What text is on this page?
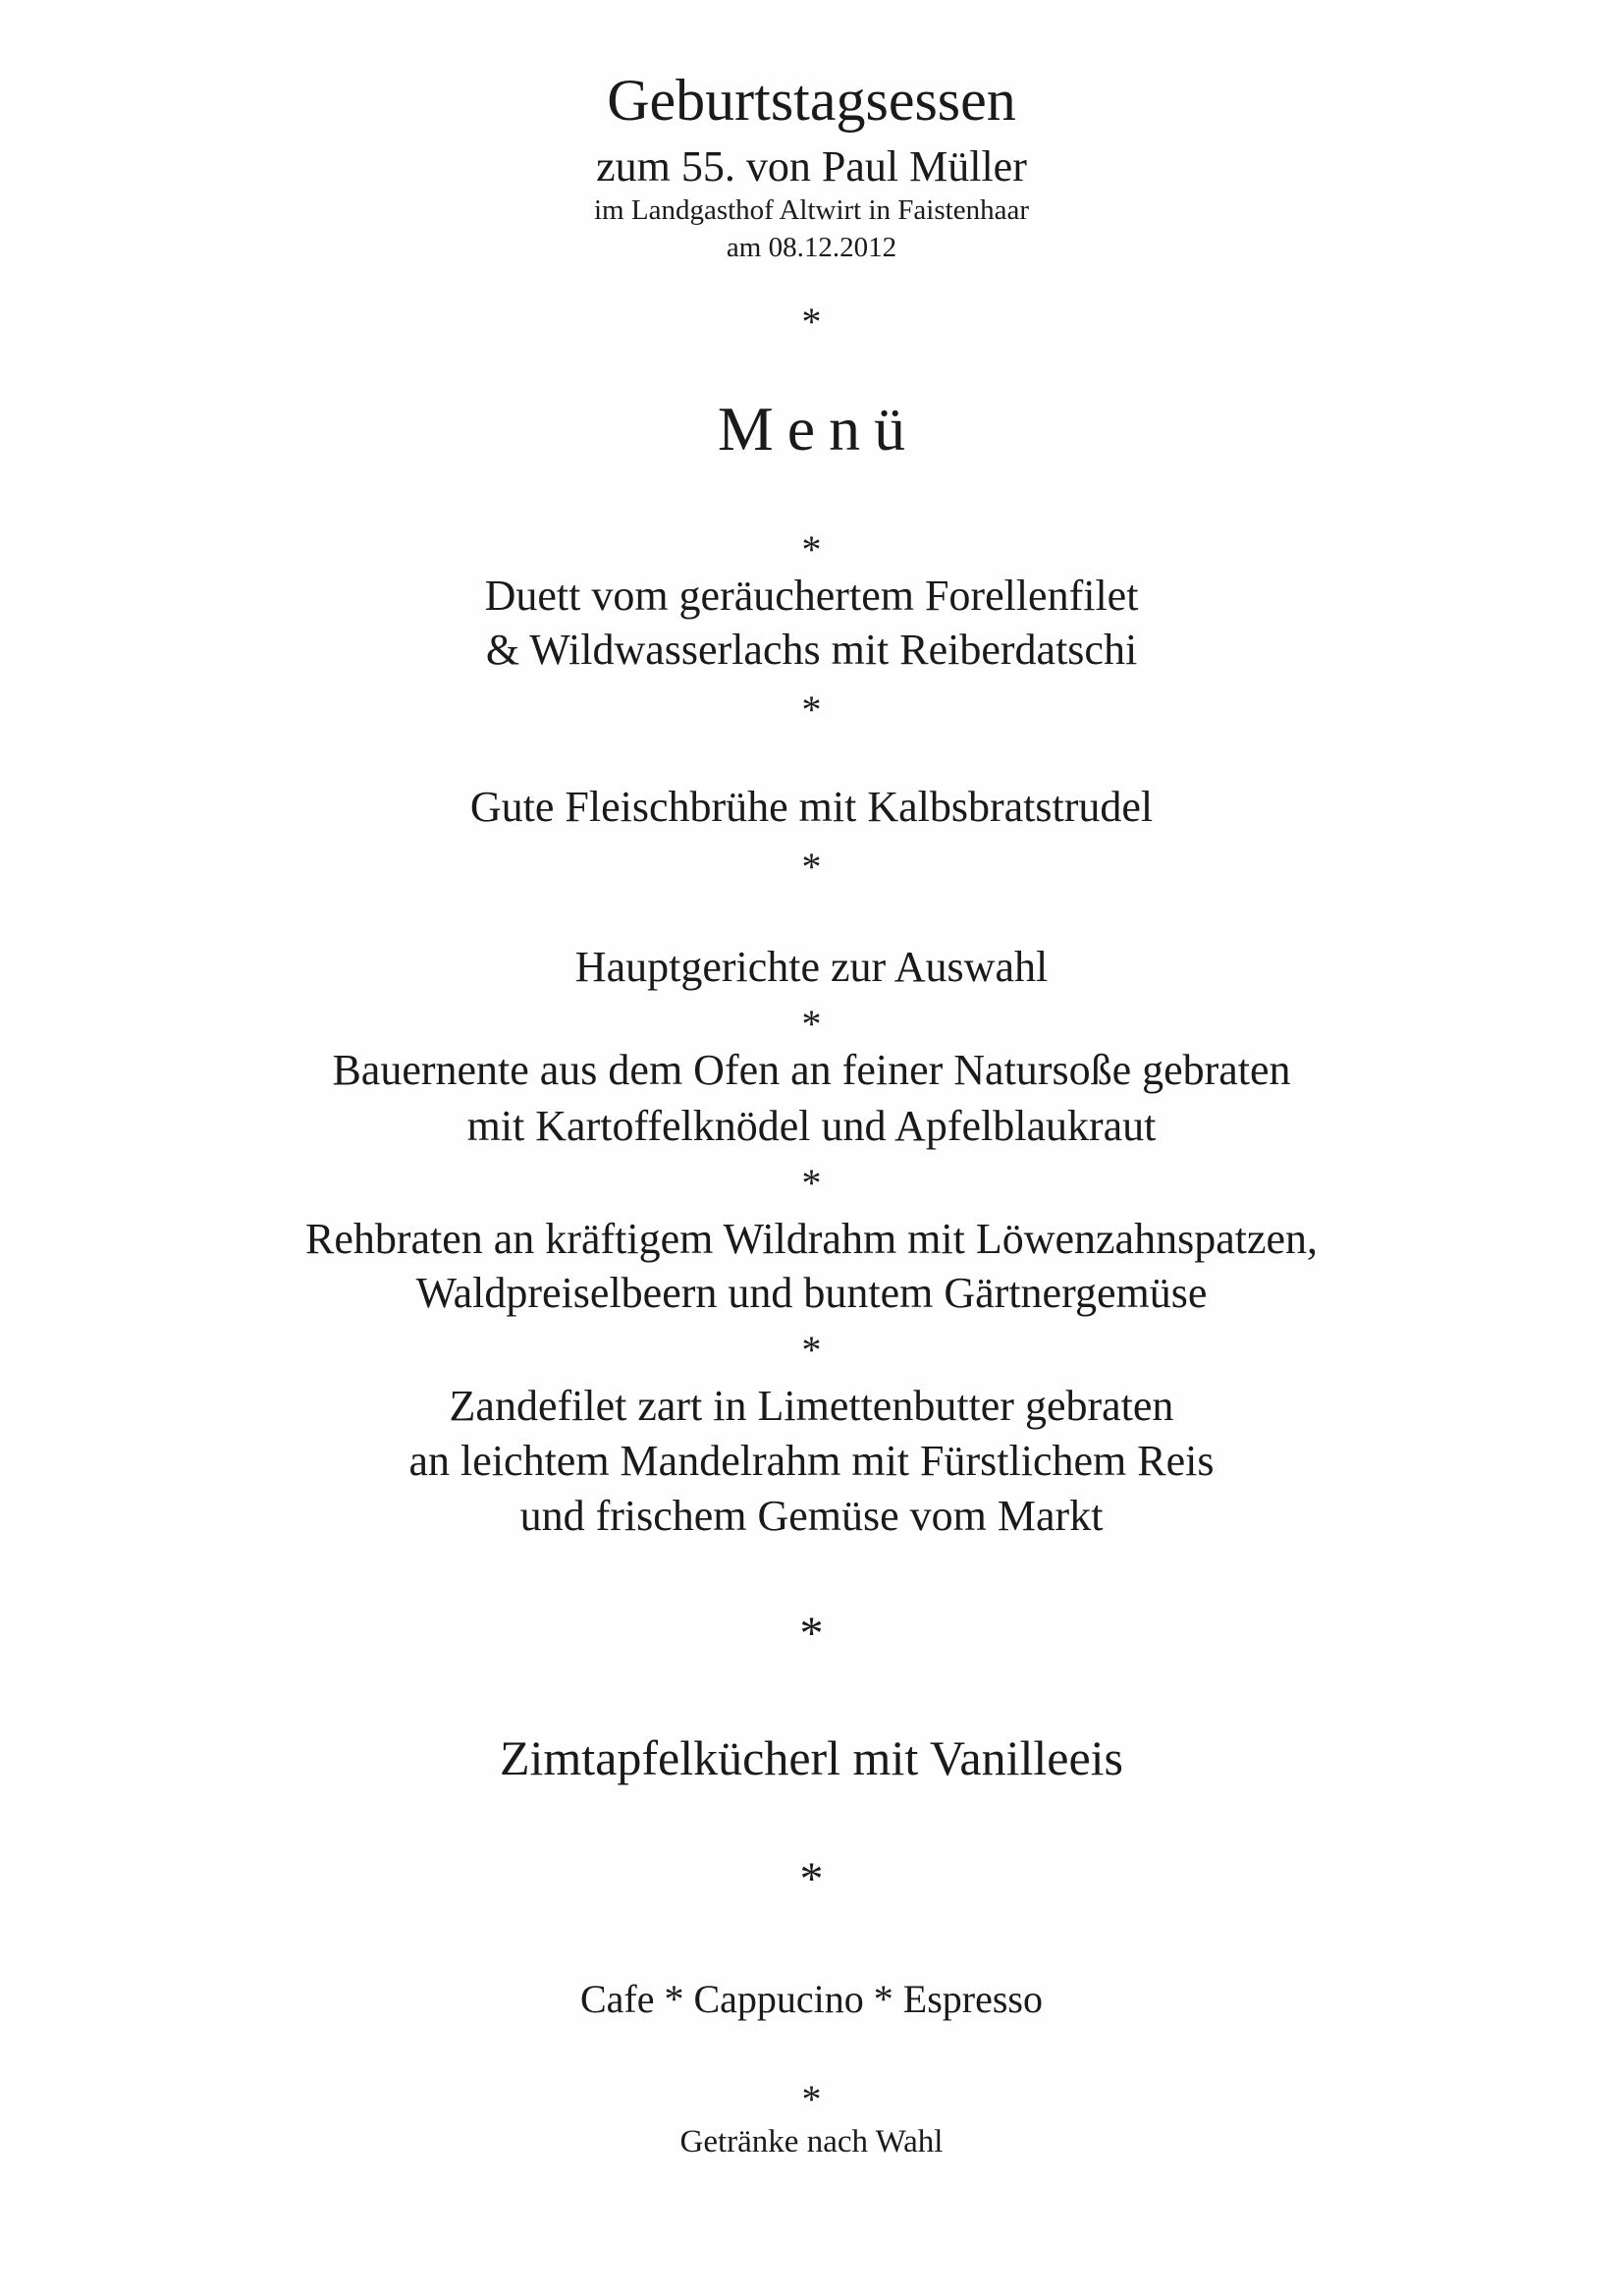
Geburtstagsessen
zum 55. von Paul Müller
im Landgasthof Altwirt in Faistenhaar
am 08.12.2012
*
Menü
*
Duett vom geräuchertem Forellenfilet
& Wildwasserlachs mit Reiberdatschi
*
Gute Fleischbrühe mit Kalbsbratstrudel
*
Hauptgerichte zur Auswahl
*
Bauernente aus dem Ofen an feiner Natursoße gebraten
mit Kartoffelknödel und Apfelblaukraut
*
Rehbraten an kräftigem Wildrahm mit Löwenzahnspatzen,
Waldpreiselbeern und buntem Gärtnergemüse
*
Zandefilet zart in Limettenbutter gebraten
an leichtem Mandelrahm mit Fürstlichem Reis
und frischem Gemüse vom Markt
*
Zimtapfelkücherl mit Vanilleeis
*
Cafe * Cappucino * Espresso
*
Getränke nach Wahl
